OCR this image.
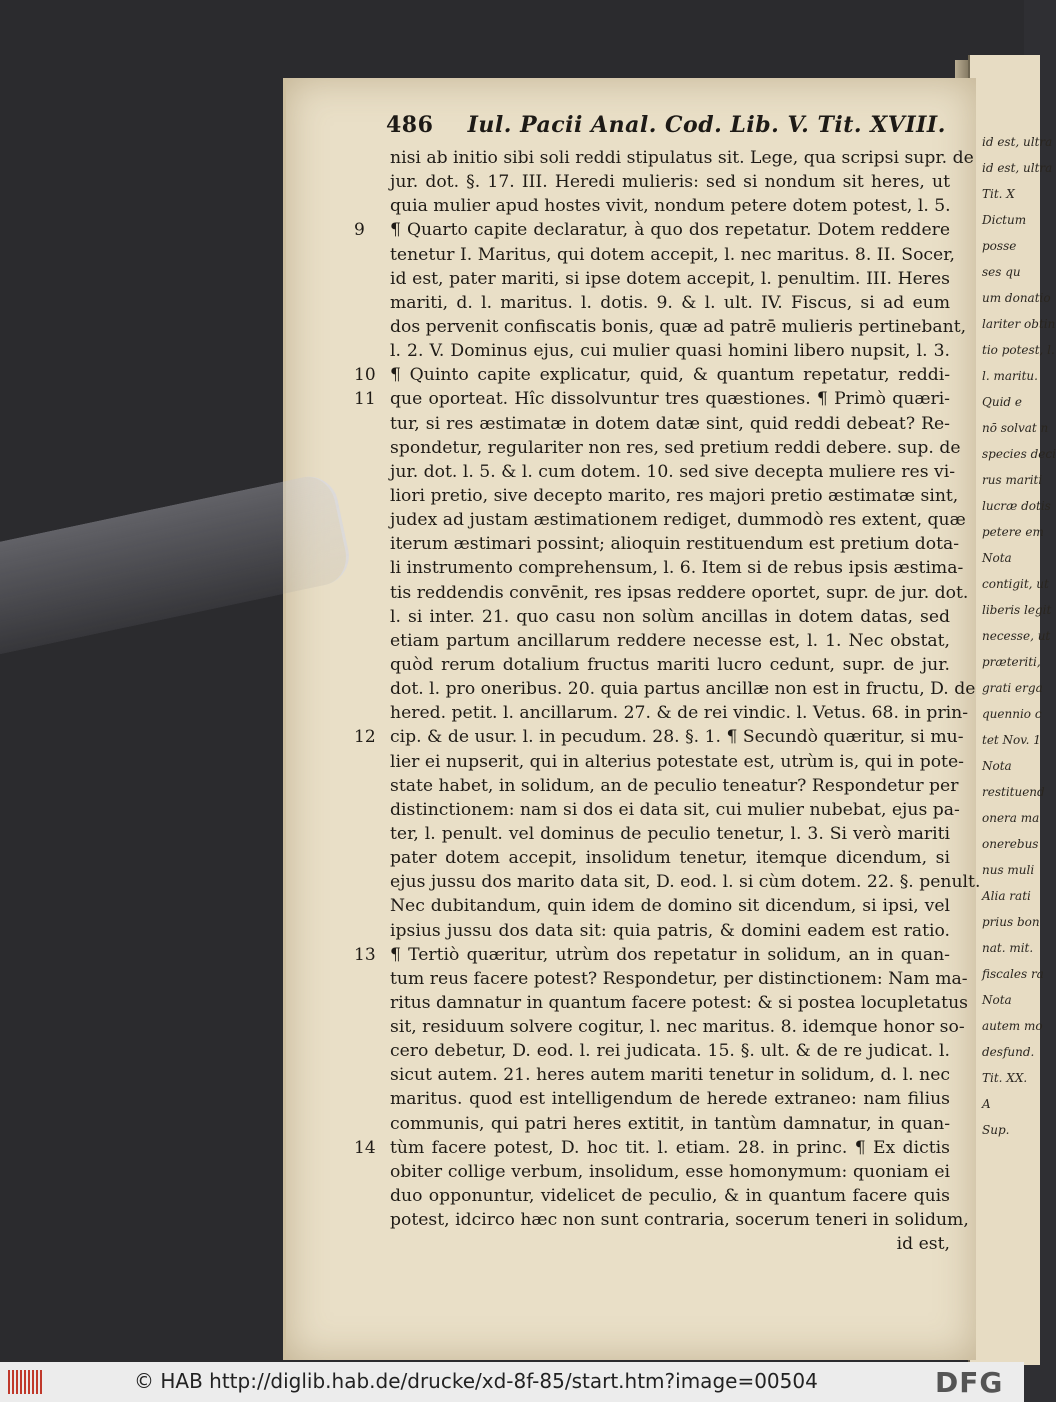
id est, ultra
id est, ultra
Tit. X
Dictum
posse
ses qu
um donatio
lariter obtin
tio potest, l.
l. maritu.
Quid e
nō solvat n
species deci
rus mariti
lucræ dotis
petere em
Nota
contigit, ut
liberis legit
necesse, ut
præteriti,
grati erga
quennio c
tet Nov. 1
Nota
restituend
onera ma
onerebus
nus muli
Alia rati
prius bon
nat. mit.
fiscales ra
Nota
autem mo
desfund.
Tit. XX.
A
Sup.
486 Iul. Pacii Anal. Cod. Lib. V. Tit. XVIII.
nisi ab initio sibi soli reddi stipulatus sit. Lege, qua scripsi supr. de
jur. dot. §. 17. III. Heredi mulieris: sed si nondum sit heres, ut
quia mulier apud hostes vivit, nondum petere dotem potest, l. 5.
9	¶ Quarto capite declaratur, à quo dos repetatur. Dotem reddere
tenetur I. Maritus, qui dotem accepit, l. nec maritus. 8. II. Socer,
id est, pater mariti, si ipse dotem accepit, l. penultim. III. Heres
mariti, d. l. maritus. l. dotis. 9. & l. ult. IV. Fiscus, si ad eum
dos pervenit confiscatis bonis, quæ ad patrē mulieris pertinebant,
l. 2. V. Dominus ejus, cui mulier quasi homini libero nupsit, l. 3.
10 ¶ Quinto capite explicatur, quid, & quantum repetatur, reddi-
11 que oporteat. Hîc dissolvuntur tres quæstiones. ¶ Primò quæri-
tur, si res æstimatæ in dotem datæ sint, quid reddi debeat? Re-
spondetur, regulariter non res, sed pretium reddi debere. sup. de
jur. dot. l. 5. & l. cum dotem. 10. sed sive decepta muliere res vi-
liori pretio, sive decepto marito, res majori pretio æstimatæ sint,
judex ad justam æstimationem rediget, dummodò res extent, quæ
iterum æstimari possint; alioquin restituendum est pretium dota-
li instrumento comprehensum, l. 6. Item si de rebus ipsis æstima-
tis reddendis convēnit, res ipsas reddere oportet, supr. de jur. dot.
l. si inter. 21. quo casu non solùm ancillas in dotem datas, sed
etiam partum ancillarum reddere necesse est, l. 1. Nec obstat,
quòd rerum dotalium fructus mariti lucro cedunt, supr. de jur.
dot. l. pro oneribus. 20. quia partus ancillæ non est in fructu, D. de
hered. petit. l. ancillarum. 27. & de rei vindic. l. Vetus. 68. in prin-
12 cip. & de usur. l. in pecudum. 28. §. 1. ¶ Secundò quæritur, si mu-
lier ei nupserit, qui in alterius potestate est, utrùm is, qui in pote-
state habet, in solidum, an de peculio teneatur? Respondetur per
distinctionem: nam si dos ei data sit, cui mulier nubebat, ejus pa-
ter, l. penult. vel dominus de peculio tenetur, l. 3. Si verò mariti
pater dotem accepit, insolidum tenetur, itemque dicendum, si
ejus jussu dos marito data sit, D. eod. l. si cùm dotem. 22. §. penult.
Nec dubitandum, quin idem de domino sit dicendum, si ipsi, vel
ipsius jussu dos data sit: quia patris, & domini eadem est ratio.
13 ¶ Tertiò quæritur, utrùm dos repetatur in solidum, an in quan-
tum reus facere potest? Respondetur, per distinctionem: Nam ma-
ritus damnatur in quantum facere potest: & si postea locupletatus
sit, residuum solvere cogitur, l. nec maritus. 8. idemque honor so-
cero debetur, D. eod. l. rei judicata. 15. §. ult. & de re judicat. l.
sicut autem. 21. heres autem mariti tenetur in solidum, d. l. nec
maritus. quod est intelligendum de herede extraneo: nam filius
communis, qui patri heres extitit, in tantùm damnatur, in quan-
14 tùm facere potest, D. hoc tit. l. etiam. 28. in princ. ¶ Ex dictis
obiter collige verbum, insolidum, esse homonymum: quoniam ei
duo opponuntur, videlicet de peculio, & in quantum facere quis
potest, idcirco hæc non sunt contraria, socerum teneri in solidum,
id est,
© HAB http://diglib.hab.de/drucke/xd-8f-85/start.htm?image=00504	DFG
